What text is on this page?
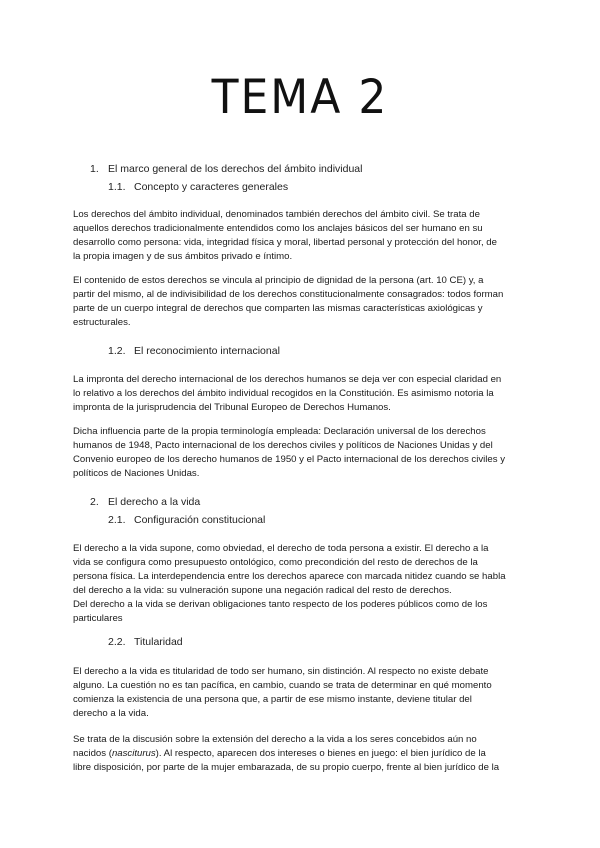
TEMA 2
1. El marco general de los derechos del ámbito individual
1.1. Concepto y caracteres generales
Los derechos del ámbito individual, denominados también derechos del ámbito civil. Se trata de
aquellos derechos tradicionalmente entendidos como los anclajes básicos del ser humano en su
desarrollo como persona: vida, integridad física y moral, libertad personal y protección del honor, de
la propia imagen y de sus ámbitos privado e íntimo.
El contenido de estos derechos se vincula al principio de dignidad de la persona (art. 10 CE) y, a
partir del mismo, al de indivisibilidad de los derechos constitucionalmente consagrados: todos forman
parte de un cuerpo integral de derechos que comparten las mismas características axiológicas y
estructurales.
1.2. El reconocimiento internacional
La impronta del derecho internacional de los derechos humanos se deja ver con especial claridad en
lo relativo a los derechos del ámbito individual recogidos en la Constitución. Es asimismo notoria la
impronta de la jurisprudencia del Tribunal Europeo de Derechos Humanos.
Dicha influencia parte de la propia terminología empleada: Declaración universal de los derechos
humanos de 1948, Pacto internacional de los derechos civiles y políticos de Naciones Unidas y del
Convenio europeo de los derecho humanos de 1950 y el Pacto internacional de los derechos civiles y
políticos de Naciones Unidas.
2. El derecho a la vida
2.1. Configuración constitucional
El derecho a la vida supone, como obviedad, el derecho de toda persona a existir. El derecho a la
vida se configura como presupuesto ontológico, como precondición del resto de derechos de la
persona física. La interdependencia entre los derechos aparece con marcada nitidez cuando se habla
del derecho a la vida: su vulneración supone una negación radical del resto de derechos.
Del derecho a la vida se derivan obligaciones tanto respecto de los poderes públicos como de los
particulares
2.2. Titularidad
El derecho a la vida es titularidad de todo ser humano, sin distinción. Al respecto no existe debate
alguno. La cuestión no es tan pacífica, en cambio, cuando se trata de determinar en qué momento
comienza la existencia de una persona que, a partir de ese mismo instante, deviene titular del
derecho a la vida.
Se trata de la discusión sobre la extensión del derecho a la vida a los seres concebidos aún no
nacidos (nasciturus). Al respecto, aparecen dos intereses o bienes en juego: el bien jurídico de la
libre disposición, por parte de la mujer embarazada, de su propio cuerpo, frente al bien jurídico de la
